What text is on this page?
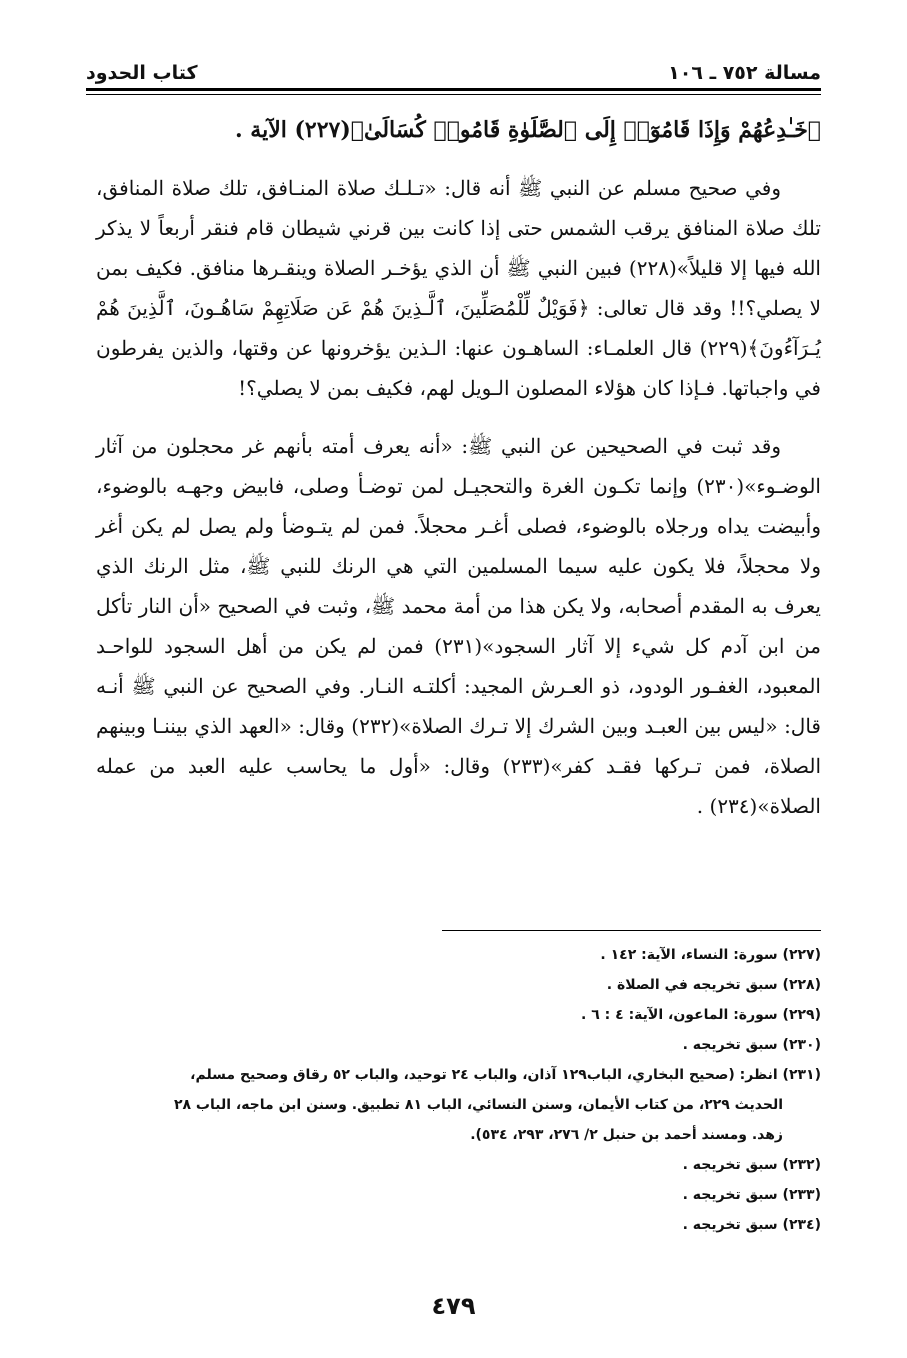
مسالة ٧٥٢ ـ ١٠٦
كتاب الحدود

﴿خَـٰدِعُهُمْ وَإِذَا قَامُوٓا۟ إِلَى ٱلصَّلَوٰةِ قَامُوا۟ كُسَالَىٰ﴾(٢٢٧) الآية .

وفي صحيح مسلم عن النبي ﷺ أنه قال: «تـلـك صلاة المنـافق، تلك صلاة المنافق، تلك صلاة المنافق يرقب الشمس حتى إذا كانت بين قرني شيطان قام فنقر أربعاً لا يذكر الله فيها إلا قليلاً»(٢٢٨) فبين النبي ﷺ أن الذي يؤخـر الصلاة وينقـرها منافق. فكيف بمن لا يصلي؟!! وقد قال تعالى: ﴿فَوَيْلٌ لِّلْمُصَلِّينَ، ٱلَّـذِينَ هُمْ عَن صَلَاتِهِمْ سَاهُـونَ، ٱلَّذِينَ هُمْ يُـرَآءُونَ﴾(٢٢٩) قال العلمـاء: الساهـون عنها: الـذين يؤخرونها عن وقتها، والذين يفرطون في واجباتها. فـإذا كان هؤلاء المصلون الـويل لهم، فكيف بمن لا يصلي؟!

وقد ثبت في الصحيحين عن النبي ﷺ: «أنه يعرف أمته بأنهم غر محجلون من آثار الوضـوء»(٢٣٠) وإنما تكـون الغرة والتحجيـل لمن توضـأ وصلى، فابيض وجهـه بالوضوء، وأبيضت يداه ورجلاه بالوضوء، فصلى أغـر محجلاً. فمن لم يتـوضأ ولم يصل لم يكن أغر ولا محجلاً، فلا يكون عليه سيما المسلمين التي هي الرنك للنبي ﷺ، مثل الرنك الذي يعرف به المقدم أصحابه، ولا يكن هذا من أمة محمد ﷺ، وثبت في الصحيح «أن النار تأكل من ابن آدم كل شيء إلا آثار السجود»(٢٣١) فمن لم يكن من أهل السجود للواحـد المعبود، الغفـور الودود، ذو العـرش المجيد: أكلتـه النـار. وفي الصحيح عن النبي ﷺ أنـه قال: «ليس بين العبـد وبين الشرك إلا تـرك الصلاة»(٢٣٢) وقال: «العهد الذي بيننـا وبينهم الصلاة، فمن تـركها فقـد كفر»(٢٣٣) وقال: «أول ما يحاسب عليه العبد من عمله الصلاة»(٢٣٤) .

(٢٢٧) سورة: النساء، الآية: ١٤٢ .
(٢٢٨) سبق تخريجه في الصلاة .
(٢٢٩) سورة: الماعون، الآية: ٤ : ٦ .
(٢٣٠) سبق تخريجه .
(٢٣١) انظر: (صحيح البخاري، الباب١٢٩ آذان، والباب ٢٤ توحيد، والباب ٥٢ رقاق وصحيح مسلم،
الحديث ٢٢٩، من كتاب الأيمان، وسنن النسائي، الباب ٨١ تطبيق. وسنن ابن ماجه، الباب ٢٨
زهد. ومسند أحمد بن حنبل ٢/ ٢٧٦، ٢٩٣، ٥٣٤).
(٢٣٢) سبق تخريجه .
(٢٣٣) سبق تخريجه .
(٢٣٤) سبق تخريجه .
٤٧٩
